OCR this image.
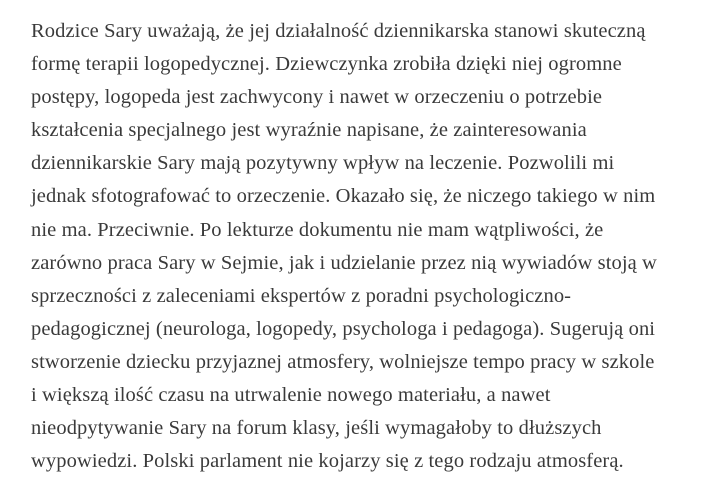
Rodzice Sary uważają, że jej działalność dziennikarska stanowi skuteczną
formę terapii logopedycznej. Dziewczynka zrobiła dzięki niej ogromne
postępy, logopeda jest zachwycony i nawet w orzeczeniu o potrzebie
kształcenia specjalnego jest wyraźnie napisane, że zainteresowania
dziennikarskie Sary mają pozytywny wpływ na leczenie. Pozwolili mi
jednak sfotografować to orzeczenie. Okazało się, że niczego takiego w nim
nie ma. Przeciwnie. Po lekturze dokumentu nie mam wątpliwości, że
zarówno praca Sary w Sejmie, jak i udzielanie przez nią wywiadów stoją w
sprzeczności z zaleceniami ekspertów z poradni psychologiczno-
pedagogicznej (neurologa, logopedy, psychologa i pedagoga). Sugerują oni
stworzenie dziecku przyjaznej atmosfery, wolniejsze tempo pracy w szkole
i większą ilość czasu na utrwalenie nowego materiału, a nawet
nieodpytywanie Sary na forum klasy, jeśli wymagałoby to dłuższych
wypowiedzi. Polski parlament nie kojarzy się z tego rodzaju atmosferą.
